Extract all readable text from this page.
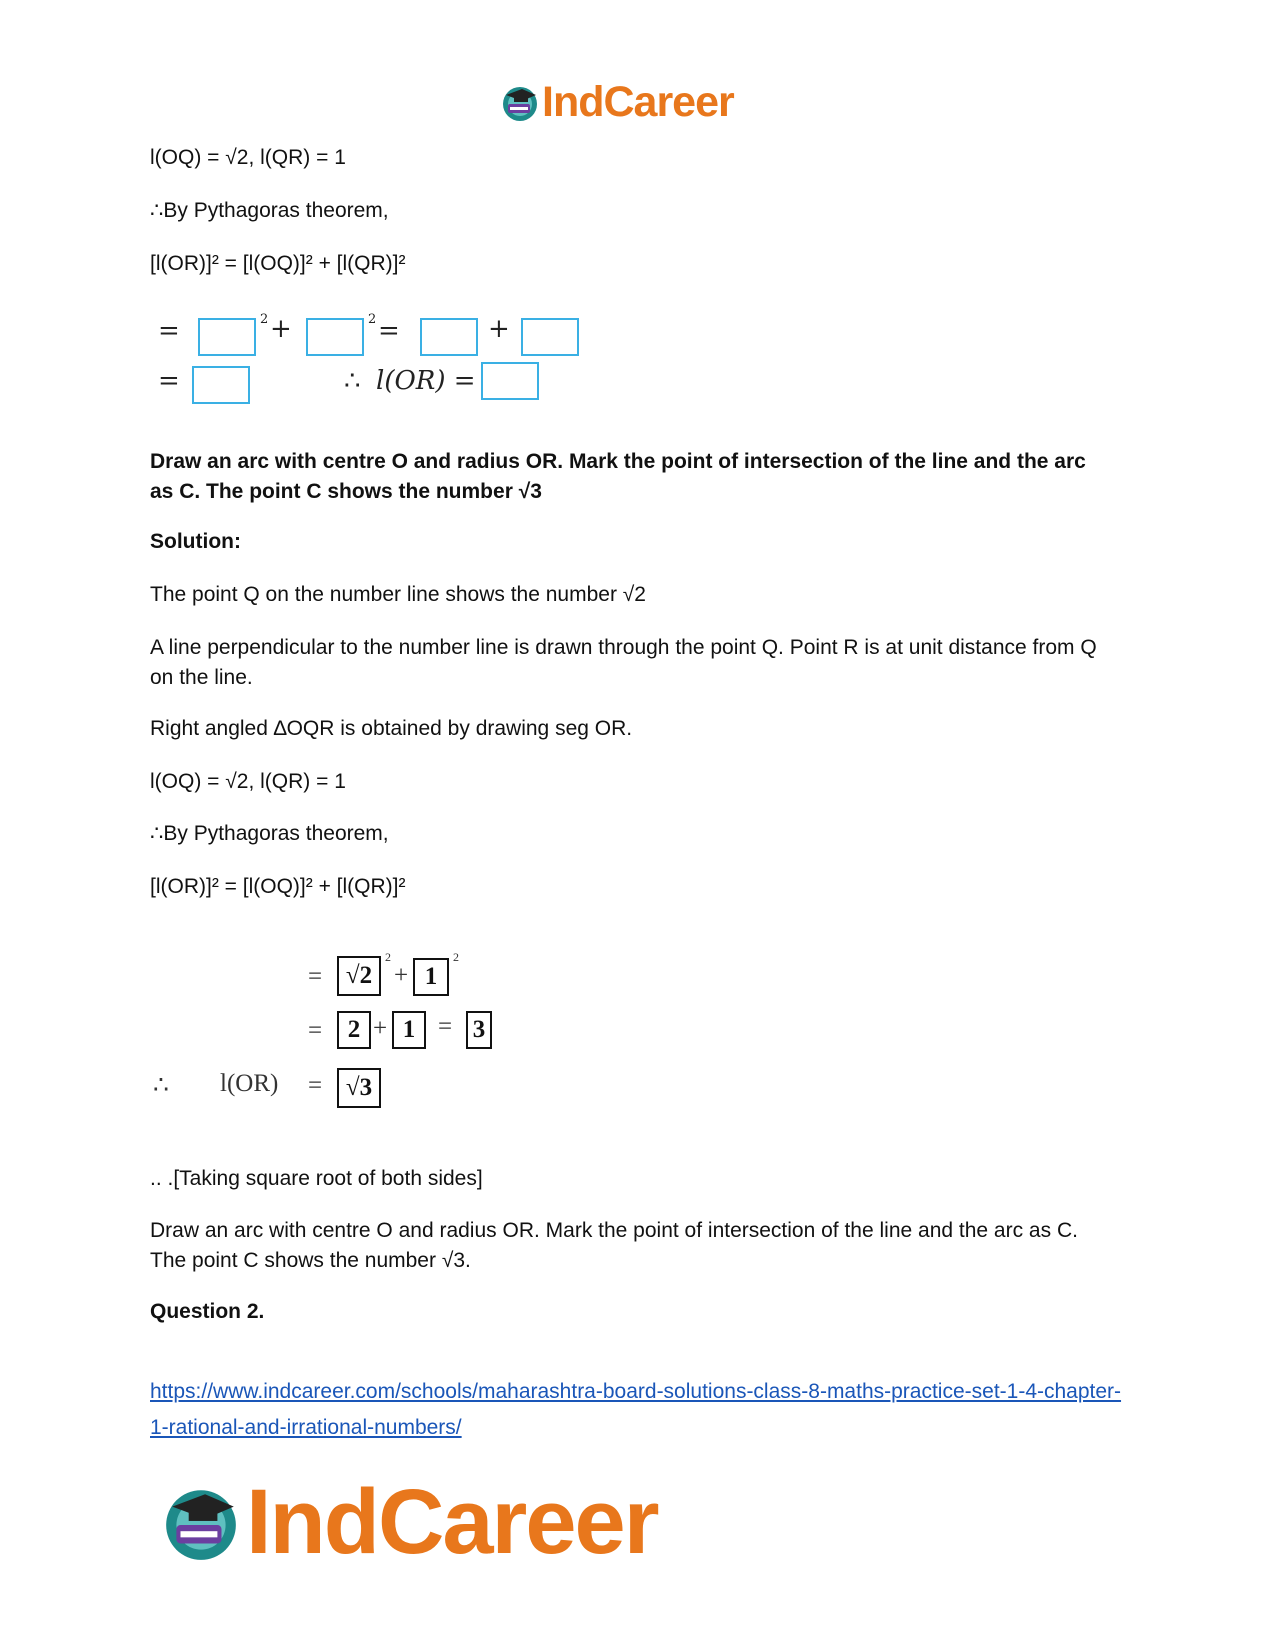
IndCareer

l(OQ) = √2, l(QR) = 1

∴By Pythagoras theorem,

[l(OR)]² = [l(OQ)]² + [l(QR)]²

=	2 +	2 =	+
=	∴ l(OR) =

Draw an arc with centre O and radius OR. Mark the point of intersection of the line and the arc as C. The point C shows the number √3

Solution:

The point Q on the number line shows the number √2

A line perpendicular to the number line is drawn through the point Q. Point R is at unit distance from Q on the line.

Right angled ∆OQR is obtained by drawing seg OR.

l(OQ) = √2, l(QR) = 1

∴By Pythagoras theorem,

[l(OR)]² = [l(OQ)]² + [l(QR)]²

= √2
2
+ 1
2
=	2 + 1 = 3
∴ l(OR) = √3

.. .[Taking square root of both sides]

Draw an arc with centre O and radius OR. Mark the point of intersection of the line and the arc as C. The point C shows the number √3.

Question 2.

https://www.indcareer.com/schools/maharashtra-board-solutions-class-8-maths-practice-set-1-4-chapter-1-rational-and-irrational-numbers/
IndCareer
